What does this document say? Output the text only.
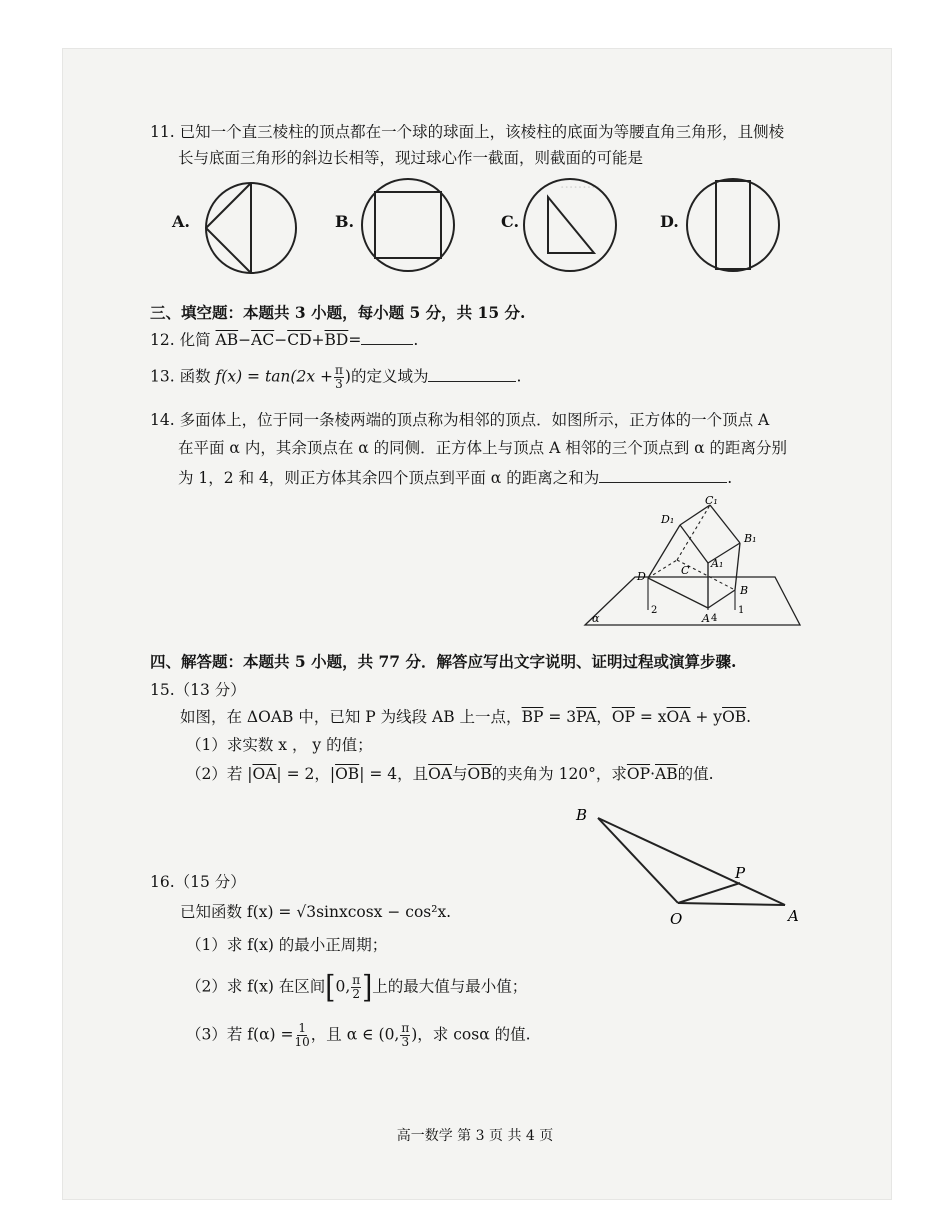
·········
11. 已知一个直三棱柱的顶点都在一个球的球面上，该棱柱的底面为等腰直角三角形，且侧棱
长与底面三角形的斜边长相等，现过球心作一截面，则截面的可能是
A.	B.	C.	D.
三、填空题：本题共 3 小题，每小题 5 分，共 15 分.
12. 化简 $\overline{AB}-\overline{AC}-\overline{CD}+\overline{BD}=$	.
13. 函数 $f(x) = \tan(2x + \frac{\pi}{3}$ )的定义域为	.
14. 多面体上，位于同一条棱两端的顶点称为相邻的顶点．如图所示，正方体的一个顶点 A
在平面 α 内，其余顶点在 α 的同侧．正方体上与顶点 A 相邻的三个顶点到 α 的距离分别
为 1，2 和 4，则正方体其余四个顶点到平面 α 的距离之和为	.
C₁
D₁
B₁
A₁
C
D
B
A
α
2
4
1
四、解答题：本题共 5 小题，共 77 分．解答应写出文字说明、证明过程或演算步骤.
15.（13 分）
如图，在 ΔOAB 中，已知 P 为线段 AB 上一点，$\overline{BP} = 3\overline{PA}$，$\overline{OP} = x\overline{OA} + y\overline{OB}$.
（1）求实数 x ， y 的值；
（2）若 $|\overline{OA}| = 2$，$|\overline{OB}| = 4$，且$\overline{OA}$与$\overline{OB}$的夹角为 120°，求$\overline{OP}\cdot\overline{AB}$的值.
B
P
O	A
16.（15 分）
已知函数 f(x) = √3sinxcosx − cos²x.
（1）求 f(x) 的最小正周期；
（2）求 f(x) 在区间[0, $\frac{\pi}{2}$ ]上的最大值与最小值；
（3）若 $f(\alpha) = \frac{1}{10}$ ，且 α ∈ (0, $\frac{\pi}{3}$ )，求 cosα 的值.
高一数学 第 3 页 共 4 页
